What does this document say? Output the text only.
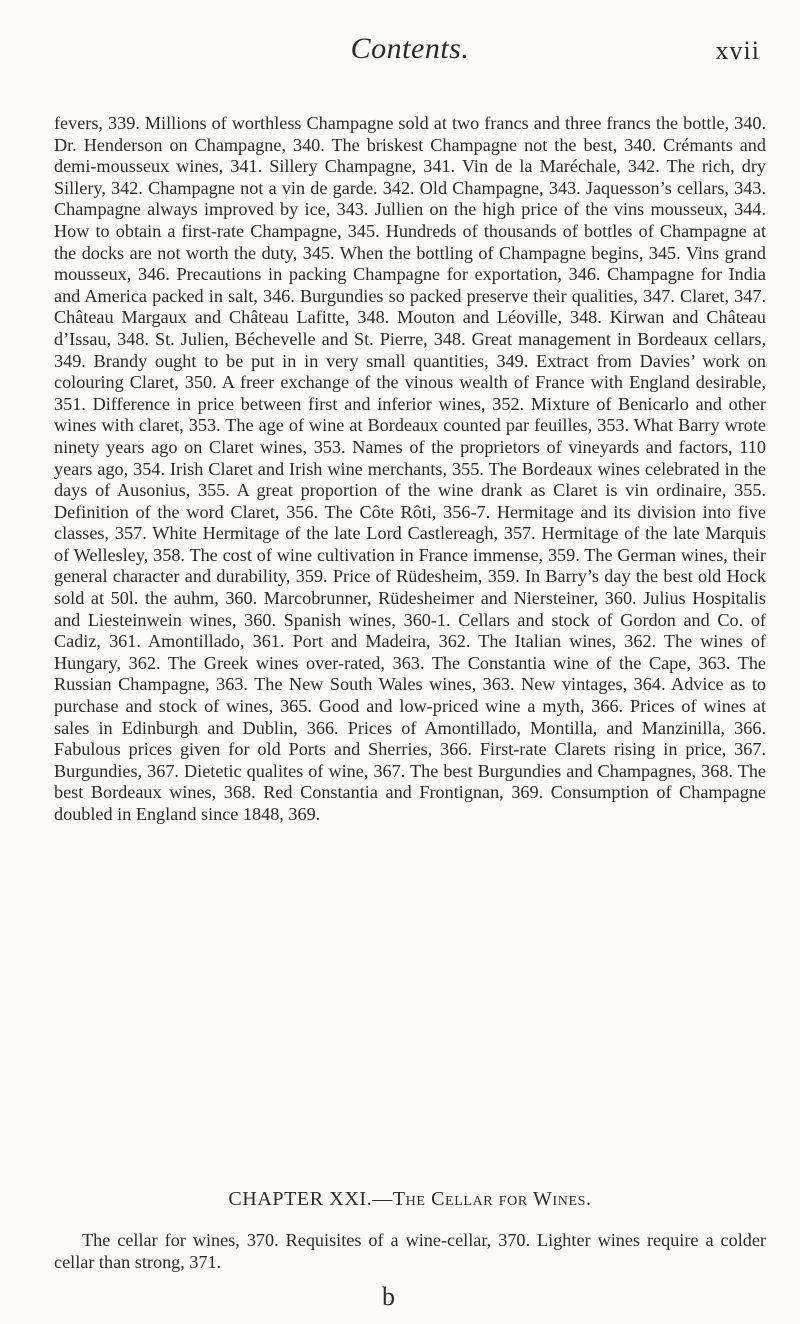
Contents.	xvii
fevers, 339. Millions of worthless Champagne sold at two francs and three francs the bottle, 340. Dr. Henderson on Champagne, 340. The briskest Champagne not the best, 340. Crémants and demi-mousseux wines, 341. Sillery Champagne, 341. Vin de la Maréchale, 342. The rich, dry Sillery, 342. Champagne not a vin de garde. 342. Old Champagne, 343. Jaquesson’s cellars, 343. Champagne always improved by ice, 343. Jullien on the high price of the vins mousseux, 344. How to obtain a first-rate Champagne, 345. Hundreds of thousands of bottles of Champagne at the docks are not worth the duty, 345. When the bottling of Champagne begins, 345. Vins grand mousseux, 346. Precautions in packing Champagne for exportation, 346. Champagne for India and America packed in salt, 346. Burgundies so packed preserve their qualities, 347. Claret, 347. Château Margaux and Château Lafitte, 348. Mouton and Léoville, 348. Kirwan and Château d’Issau, 348. St. Julien, Béchevelle and St. Pierre, 348. Great management in Bordeaux cellars, 349. Brandy ought to be put in in very small quantities, 349. Extract from Davies’ work on colouring Claret, 350. A freer exchange of the vinous wealth of France with England desirable, 351. Difference in price between first and inferior wines, 352. Mixture of Benicarlo and other wines with claret, 353. The age of wine at Bordeaux counted par feuilles, 353. What Barry wrote ninety years ago on Claret wines, 353. Names of the proprietors of vineyards and factors, 110 years ago, 354. Irish Claret and Irish wine merchants, 355. The Bordeaux wines celebrated in the days of Ausonius, 355. A great proportion of the wine drank as Claret is vin ordinaire, 355. Definition of the word Claret, 356. The Côte Rôti, 356-7. Hermitage and its division into five classes, 357. White Hermitage of the late Lord Castlereagh, 357. Hermitage of the late Marquis of Wellesley, 358. The cost of wine cultivation in France immense, 359. The German wines, their general character and durability, 359. Price of Rüdesheim, 359. In Barry’s day the best old Hock sold at 50l. the auhm, 360. Marcobrunner, Rüdesheimer and Niersteiner, 360. Julius Hospitalis and Liesteinwein wines, 360. Spanish wines, 360-1. Cellars and stock of Gordon and Co. of Cadiz, 361. Amontillado, 361. Port and Madeira, 362. The Italian wines, 362. The wines of Hungary, 362. The Greek wines over-rated, 363. The Constantia wine of the Cape, 363. The Russian Champagne, 363. The New South Wales wines, 363. New vintages, 364. Advice as to purchase and stock of wines, 365. Good and low-priced wine a myth, 366. Prices of wines at sales in Edinburgh and Dublin, 366. Prices of Amontillado, Montilla, and Manzinilla, 366. Fabulous prices given for old Ports and Sherries, 366. First-rate Clarets rising in price, 367. Burgundies, 367. Dietetic qualites of wine, 367. The best Burgundies and Champagnes, 368. The best Bordeaux wines, 368. Red Constantia and Frontignan, 369. Consumption of Champagne doubled in England since 1848, 369.
CHAPTER XXI.—The Cellar for Wines.
The cellar for wines, 370. Requisites of a wine-cellar, 370. Lighter wines require a colder cellar than strong, 371.
b
